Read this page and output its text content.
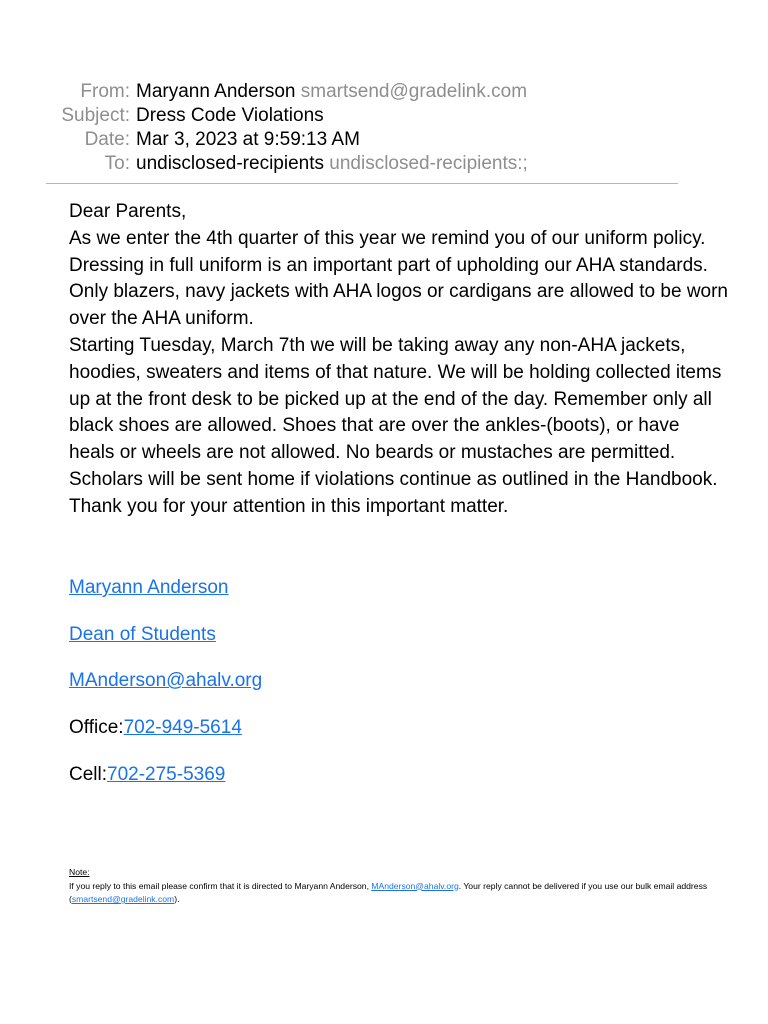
From: Maryann Anderson smartsend@gradelink.com
Subject: Dress Code Violations
Date: Mar 3, 2023 at 9:59:13 AM
To: undisclosed-recipients undisclosed-recipients:;

Dear Parents,

As we enter the 4th quarter of this year we remind you of our uniform policy. Dressing in full uniform is an important part of upholding our AHA standards. Only blazers, navy jackets with AHA logos or cardigans are allowed to be worn over the AHA uniform.

Starting Tuesday, March 7th we will be taking away any non-AHA jackets, hoodies, sweaters and items of that nature. We will be holding collected items up at the front desk to be picked up at the end of the day. Remember only all black shoes are allowed. Shoes that are over the ankles-(boots), or have heals or wheels are not allowed. No beards or mustaches are permitted. Scholars will be sent home if violations continue as outlined in the Handbook.

Thank you for your attention in this important matter.

Maryann Anderson
Dean of Students
MAnderson@ahalv.org
Office:702-949-5614
Cell:702-275-5369
Note:
If you reply to this email please confirm that it is directed to Maryann Anderson, MAnderson@ahalv.org. Your reply cannot be delivered if you use our bulk email address (smartsend@gradelink.com).
